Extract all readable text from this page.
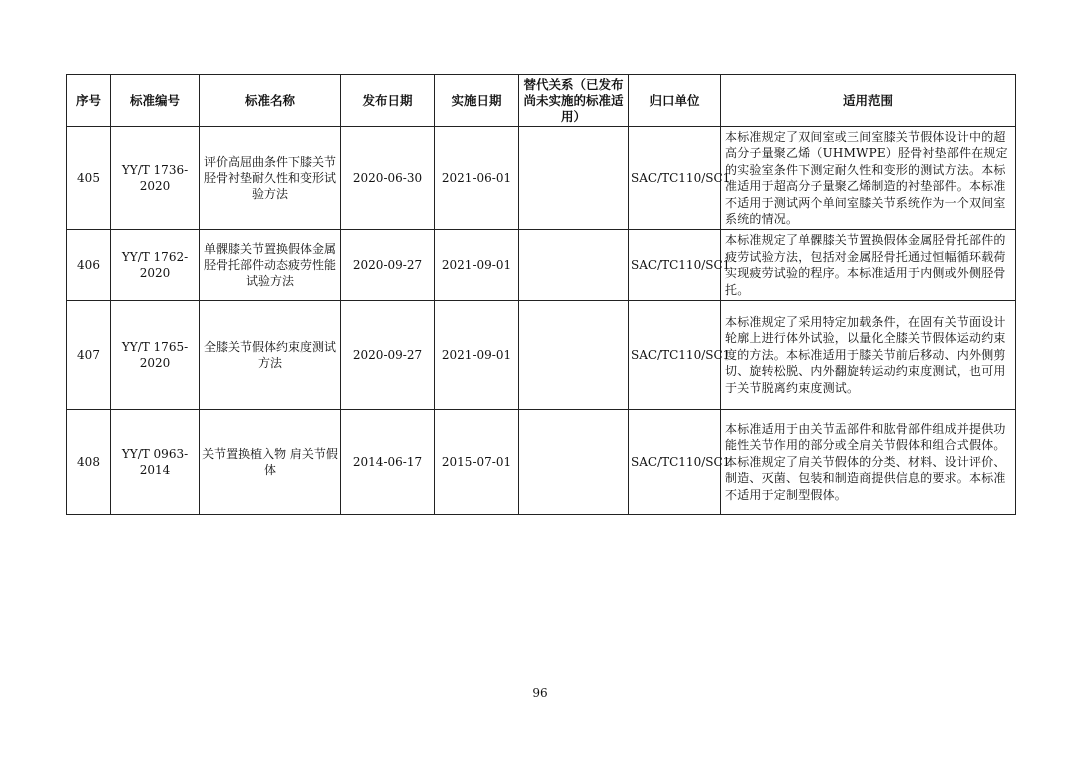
序号	标准编号	标准名称	发布日期	实施日期	替代关系（已发布尚未实施的标准适用）	归口单位	适用范围
405	YY/T 1736-2020	评价高屈曲条件下膝关节胫骨衬垫耐久性和变形试验方法	2020-06-30	2021-06-01		SAC/TC110/SC1	本标准规定了双间室或三间室膝关节假体设计中的超高分子量聚乙烯（UHMWPE）胫骨衬垫部件在规定的实验室条件下测定耐久性和变形的测试方法。本标准适用于超高分子量聚乙烯制造的衬垫部件。本标准不适用于测试两个单间室膝关节系统作为一个双间室系统的情况。
406	YY/T 1762-2020	单髁膝关节置换假体金属胫骨托部件动态疲劳性能试验方法	2020-09-27	2021-09-01		SAC/TC110/SC1	本标准规定了单髁膝关节置换假体金属胫骨托部件的疲劳试验方法，包括对金属胫骨托通过恒幅循环载荷实现疲劳试验的程序。本标准适用于内侧或外侧胫骨托。
407	YY/T 1765-2020	全膝关节假体约束度测试方法	2020-09-27	2021-09-01		SAC/TC110/SC1	本标准规定了采用特定加载条件，在固有关节面设计轮廓上进行体外试验，以量化全膝关节假体运动约束度的方法。本标准适用于膝关节前后移动、内外侧剪切、旋转松脱、内外翻旋转运动约束度测试，也可用于关节脱离约束度测试。
408	YY/T 0963-2014	关节置换植入物 肩关节假体	2014-06-17	2015-07-01		SAC/TC110/SC1	本标准适用于由关节盂部件和肱骨部件组成并提供功能性关节作用的部分或全肩关节假体和组合式假体。本标准规定了肩关节假体的分类、材料、设计评价、制造、灭菌、包装和制造商提供信息的要求。本标准不适用于定制型假体。
96
